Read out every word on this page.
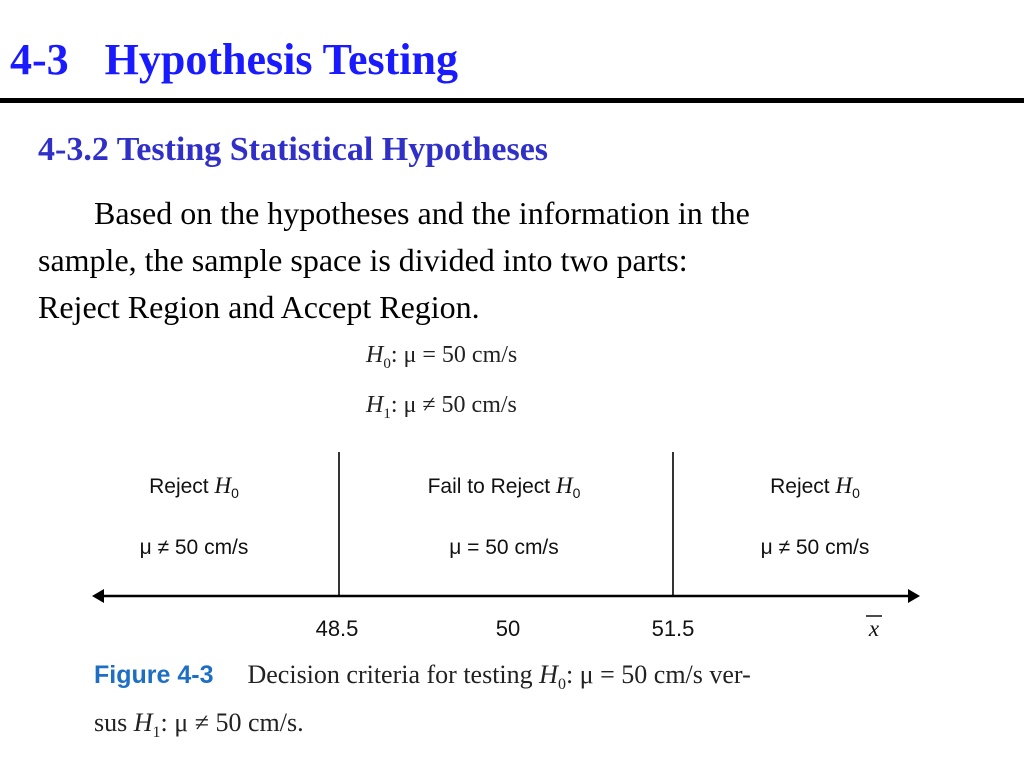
4-3 Hypothesis Testing
4-3.2 Testing Statistical Hypotheses

Based on the hypotheses and the information in the
sample, the sample space is divided into two parts:
Reject Region and Accept Region.

$H_0$: μ = 50 cm/s
$H_1$: μ ≠ 50 cm/s
Reject $H_0$	Fail to Reject $H_0$	Reject $H_0$
μ ≠ 50 cm/s	μ = 50 cm/s	μ ≠ 50 cm/s
48.5	50	51.5	x
Figure 4-3 Decision criteria for testing $H_0$: μ = 50 cm/s ver-
sus $H_1$: μ ≠ 50 cm/s.
